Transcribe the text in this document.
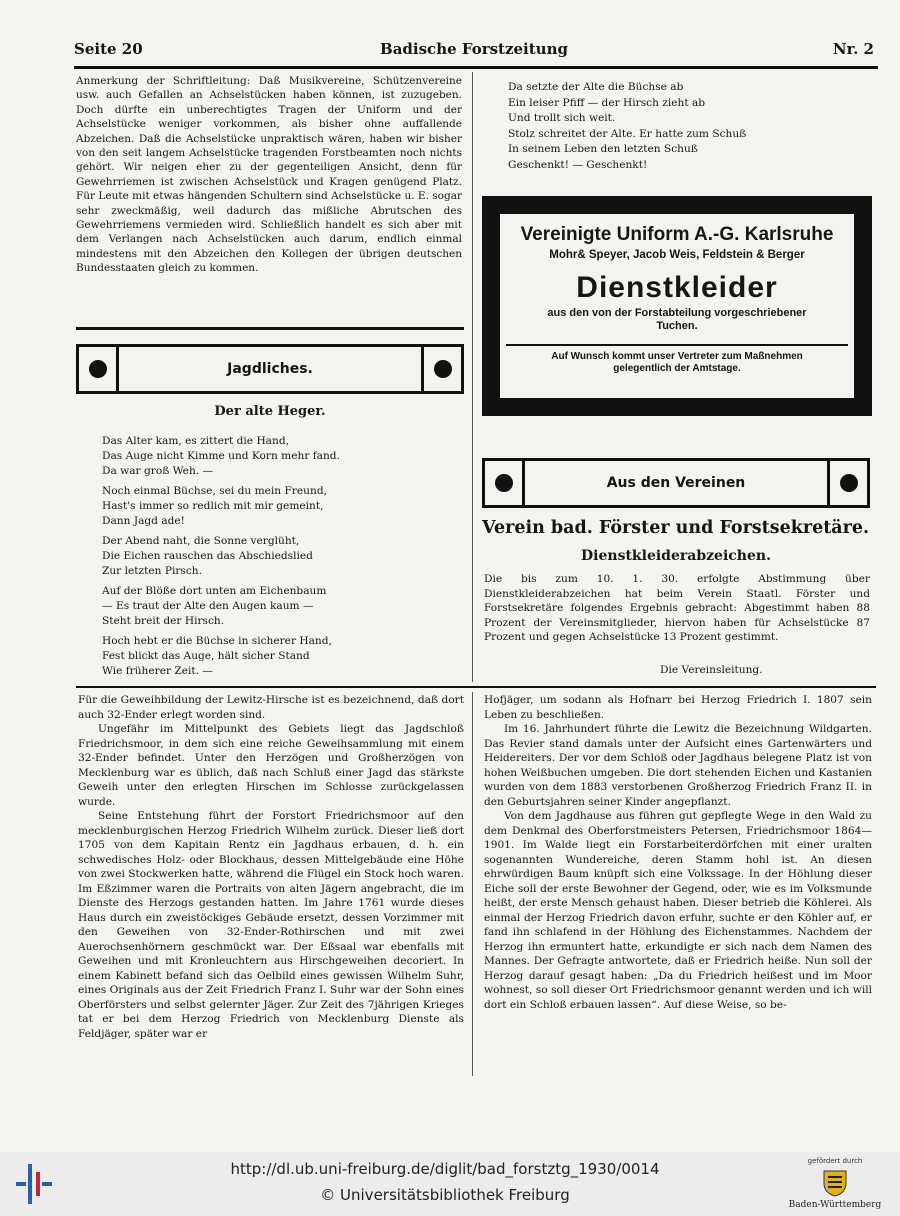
Seite 20	Badische Forstzeitung	Nr. 2

Anmerkung der Schriftleitung: Daß Musikvereine, Schützenvereine usw. auch Gefallen an Achselstücken haben können, ist zuzugeben. Doch dürfte ein unberechtigtes Tragen der Uniform und der Achselstücke weniger vorkommen, als bisher ohne auffallende Abzeichen. Daß die Achselstücke unpraktisch wären, haben wir bisher von den seit langem Achselstücke tragenden Forstbeamten noch nichts gehört. Wir neigen eher zu der gegenteiligen Ansicht, denn für Gewehrriemen ist zwischen Achselstück und Kragen genügend Platz. Für Leute mit etwas hängenden Schultern sind Achselstücke u. E. sogar sehr zweckmäßig, weil dadurch das mißliche Abrutschen des Gewehrriemens vermieden wird. Schließlich handelt es sich aber mit dem Verlangen nach Achselstücken auch darum, endlich einmal mindestens mit den Abzeichen den Kollegen der übrigen deutschen Bundesstaaten gleich zu kommen.

Jagdliches.
Der alte Heger.
Das Alter kam, es zittert die Hand,
Das Auge nicht Kimme und Korn mehr fand.
Da war groß Weh. —
Noch einmal Büchse, sei du mein Freund,
Hast's immer so redlich mit mir gemeint,
Dann Jagd ade!
Der Abend naht, die Sonne verglüht,
Die Eichen rauschen das Abschiedslied
Zur letzten Pirsch.
Auf der Blöße dort unten am Eichenbaum
— Es traut der Alte den Augen kaum —
Steht breit der Hirsch.
Hoch hebt er die Büchse in sicherer Hand,
Fest blickt das Auge, hält sicher Stand
Wie früherer Zeit. —
Da setzte der Alte die Büchse ab
Ein leiser Pfiff — der Hirsch zieht ab
Und trollt sich weit.
Stolz schreitet der Alte. Er hatte zum Schuß
In seinem Leben den letzten Schuß
Geschenkt! — Geschenkt!
Vereinigte Uniform A.-G. Karlsruhe
Mohr& Speyer, Jacob Weis, Feldstein & Berger
Dienstkleider
aus den von der Forstabteilung vorgeschriebener
Tuchen.
Auf Wunsch kommt unser Vertreter zum Maßnehmen
gelegentlich der Amtstage.
Aus den Vereinen
Verein bad. Förster und Forstsekretäre.
Dienstkleiderabzeichen.

Die bis zum 10. 1. 30. erfolgte Abstimmung über Dienstkleiderabzeichen hat beim Verein Staatl. Förster und Forstsekretäre folgendes Ergebnis gebracht: Abgestimmt haben 88 Prozent der Vereinsmitglieder, hiervon haben für Achselstücke 87 Prozent und gegen Achselstücke 13 Prozent gestimmt.

Die Vereinsleitung.

Für die Geweihbildung der Lewitz-Hirsche ist es bezeichnend, daß dort auch 32-Ender erlegt worden sind.

Ungefähr im Mittelpunkt des Gebiets liegt das Jagdschloß Friedrichsmoor, in dem sich eine reiche Geweihsammlung mit einem 32-Ender befindet. Unter den Herzögen und Großherzögen von Mecklenburg war es üblich, daß nach Schluß einer Jagd das stärkste Geweih unter den erlegten Hirschen im Schlosse zurückgelassen wurde.

Seine Entstehung führt der Forstort Friedrichsmoor auf den mecklenburgischen Herzog Friedrich Wilhelm zurück. Dieser ließ dort 1705 von dem Kapitain Rentz ein Jagdhaus erbauen, d. h. ein schwedisches Holz- oder Blockhaus, dessen Mittelgebäude eine Höhe von zwei Stockwerken hatte, während die Flügel ein Stock hoch waren. Im Eßzimmer waren die Portraits von alten Jägern angebracht, die im Dienste des Herzogs gestanden hatten. Im Jahre 1761 wurde dieses Haus durch ein zweistöckiges Gebäude ersetzt, dessen Vorzimmer mit den Geweihen von 32-Ender-Rothirschen und mit zwei Auerochsenhörnern geschmückt war. Der Eßsaal war ebenfalls mit Geweihen und mit Kronleuchtern aus Hirschgeweihen decoriert. In einem Kabinett befand sich das Oelbild eines gewissen Wilhelm Suhr, eines Originals aus der Zeit Friedrich Franz I. Suhr war der Sohn eines Oberförsters und selbst gelernter Jäger. Zur Zeit des 7jährigen Krieges tat er bei dem Herzog Friedrich von Mecklenburg Dienste als Feldjäger, später war er

Hofjäger, um sodann als Hofnarr bei Herzog Friedrich I. 1807 sein Leben zu beschließen.

Im 16. Jahrhundert führte die Lewitz die Bezeichnung Wildgarten. Das Revier stand damals unter der Aufsicht eines Gartenwärters und Heidereiters. Der vor dem Schloß oder Jagdhaus belegene Platz ist von hohen Weißbuchen umgeben. Die dort stehenden Eichen und Kastanien wurden von dem 1883 verstorbenen Großherzog Friedrich Franz II. in den Geburtsjahren seiner Kinder angepflanzt.

Von dem Jagdhause aus führen gut gepflegte Wege in den Wald zu dem Denkmal des Oberforstmeisters Petersen, Friedrichsmoor 1864—1901. Im Walde liegt ein Forstarbeiterdörfchen mit einer uralten sogenannten Wundereiche, deren Stamm hohl ist. An diesen ehrwürdigen Baum knüpft sich eine Volkssage. In der Höhlung dieser Eiche soll der erste Bewohner der Gegend, oder, wie es im Volksmunde heißt, der erste Mensch gehaust haben. Dieser betrieb die Köhlerei. Als einmal der Herzog Friedrich davon erfuhr, suchte er den Köhler auf, er fand ihn schlafend in der Höhlung des Eichenstammes. Nachdem der Herzog ihn ermuntert hatte, erkundigte er sich nach dem Namen des Mannes. Der Gefragte antwortete, daß er Friedrich heiße. Nun soll der Herzog darauf gesagt haben: „Da du Friedrich heißest und im Moor wohnest, so soll dieser Ort Friedrichsmoor genannt werden und ich will dort ein Schloß erbauen lassen“. Auf diese Weise, so be-

http://dl.ub.uni-freiburg.de/diglit/bad_forstztg_1930/0014
© Universitätsbibliothek Freiburg
gefördert durch
Baden-Württemberg
